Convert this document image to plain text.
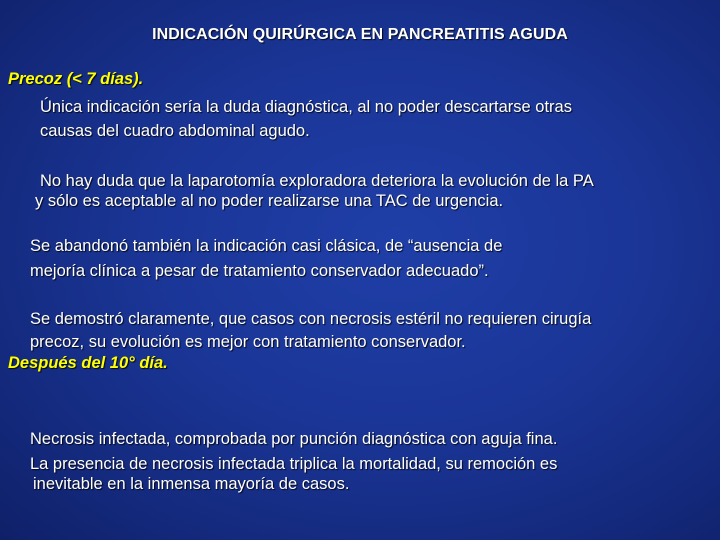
INDICACIÓN QUIRÚRGICA EN PANCREATITIS AGUDA
Precoz (< 7 días).
Única indicación sería la duda diagnóstica, al no poder descartarse otras
causas del cuadro abdominal agudo.
No hay duda que la laparotomía exploradora deteriora la evolución de la PA
y sólo es aceptable al no poder realizarse una TAC de urgencia.
Se abandonó también la indicación casi clásica, de “ausencia de
mejoría clínica a pesar de tratamiento conservador adecuado”.
Se demostró claramente, que casos con necrosis estéril no requieren cirugía
precoz, su evolución es mejor con tratamiento conservador.
Después del 10° día.
Necrosis infectada, comprobada por punción diagnóstica con aguja fina.
La presencia de necrosis infectada triplica la mortalidad, su remoción es
inevitable en la inmensa mayoría de casos.
